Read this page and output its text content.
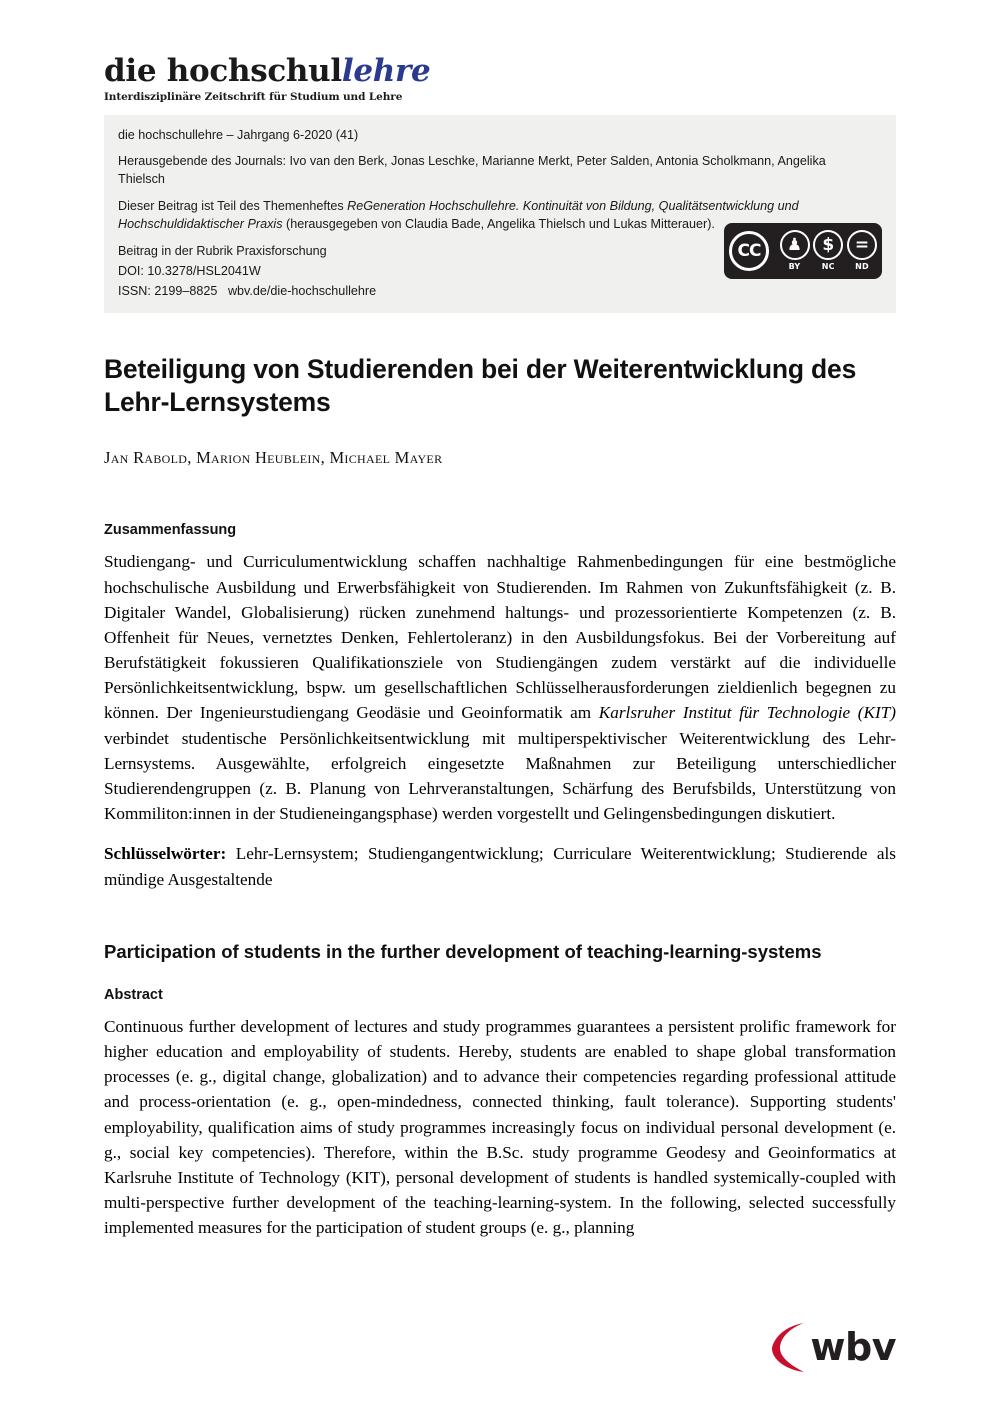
die hochschullehre
Interdisziplinäre Zeitschrift für Studium und Lehre
die hochschullehre – Jahrgang 6-2020 (41)
Herausgebende des Journals: Ivo van den Berk, Jonas Leschke, Marianne Merkt, Peter Salden, Antonia Scholkmann, Angelika Thielsch
Dieser Beitrag ist Teil des Themenheftes ReGeneration Hochschullehre. Kontinuität von Bildung, Qualitätsentwicklung und Hochschuldidaktischer Praxis (herausgegeben von Claudia Bade, Angelika Thielsch und Lukas Mitterauer).
Beitrag in der Rubrik Praxisforschung
DOI: 10.3278/HSL2041W
ISSN: 2199–8825 wbv.de/die-hochschullehre
CC	♟
BY
$
NC
=
ND
Beteiligung von Studierenden bei der Weiterentwicklung des Lehr-Lernsystems
Jan Rabold, Marion Heublein, Michael Mayer
Zusammenfassung

Studiengang- und Curriculumentwicklung schaffen nachhaltige Rahmenbedingungen für eine bestmögliche hochschulische Ausbildung und Erwerbsfähigkeit von Studierenden. Im Rahmen von Zukunftsfähigkeit (z. B. Digitaler Wandel, Globalisierung) rücken zunehmend haltungs- und prozessorientierte Kompetenzen (z. B. Offenheit für Neues, vernetztes Denken, Fehlertoleranz) in den Ausbildungsfokus. Bei der Vorbereitung auf Berufstätigkeit fokussieren Qualifikationsziele von Studiengängen zudem verstärkt auf die individuelle Persönlichkeitsentwicklung, bspw. um gesellschaftlichen Schlüsselherausforderungen zieldienlich begegnen zu können. Der Ingenieurstudiengang Geodäsie und Geoinformatik am Karlsruher Institut für Technologie (KIT) verbindet studentische Persönlichkeitsentwicklung mit multiperspektivischer Weiterentwicklung des Lehr-Lernsystems. Ausgewählte, erfolgreich eingesetzte Maßnahmen zur Beteiligung unterschiedlicher Studierendengruppen (z. B. Planung von Lehrveranstaltungen, Schärfung des Berufsbilds, Unterstützung von Kommiliton:innen in der Studieneingangsphase) werden vorgestellt und Gelingensbedingungen diskutiert.

Schlüsselwörter: Lehr-Lernsystem; Studiengangentwicklung; Curriculare Weiterentwicklung; Studierende als mündige Ausgestaltende

Participation of students in the further development of teaching-learning-systems
Abstract

Continuous further development of lectures and study programmes guarantees a persistent prolific framework for higher education and employability of students. Hereby, students are enabled to shape global transformation processes (e. g., digital change, globalization) and to advance their competencies regarding professional attitude and process-orientation (e. g., open-mindedness, connected thinking, fault tolerance). Supporting students' employability, qualification aims of study programmes increasingly focus on individual personal development (e. g., social key competencies). Therefore, within the B.Sc. study programme Geodesy and Geoinformatics at Karlsruhe Institute of Technology (KIT), personal development of students is handled systemically-coupled with multi-perspective further development of the teaching-learning-system. In the following, selected successfully implemented measures for the participation of student groups (e. g., planning

wbv
